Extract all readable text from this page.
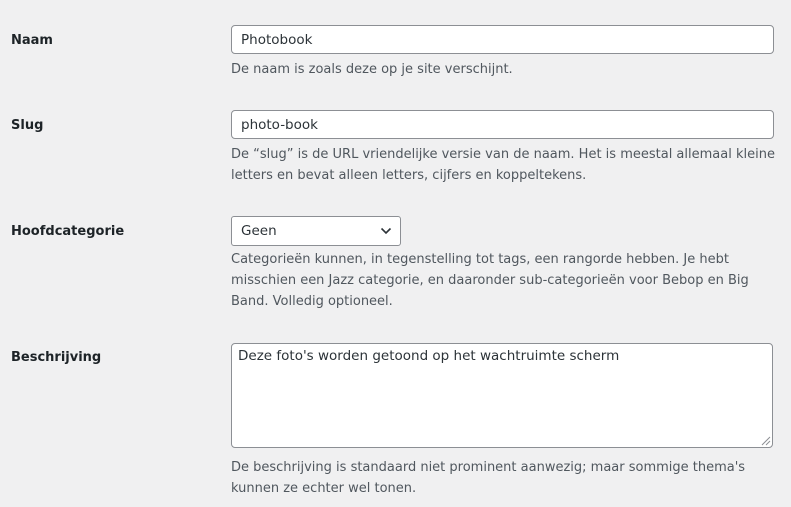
Naam
Photobook

De naam is zoals deze op je site verschijnt.

Slug
photo-book

De “slug” is de URL vriendelijke versie van de naam. Het is meestal allemaal kleine letters en bevat alleen letters, cijfers en koppeltekens.

Hoofdcategorie	Geen

Categorieën kunnen, in tegenstelling tot tags, een rangorde hebben. Je hebt misschien een Jazz categorie, en daaronder sub-categorieën voor Bebop en Big Band. Volledig optioneel.

Beschrijving
Deze foto's worden getoond op het wachtruimte scherm

De beschrijving is standaard niet prominent aanwezig; maar sommige thema's kunnen ze echter wel tonen.
